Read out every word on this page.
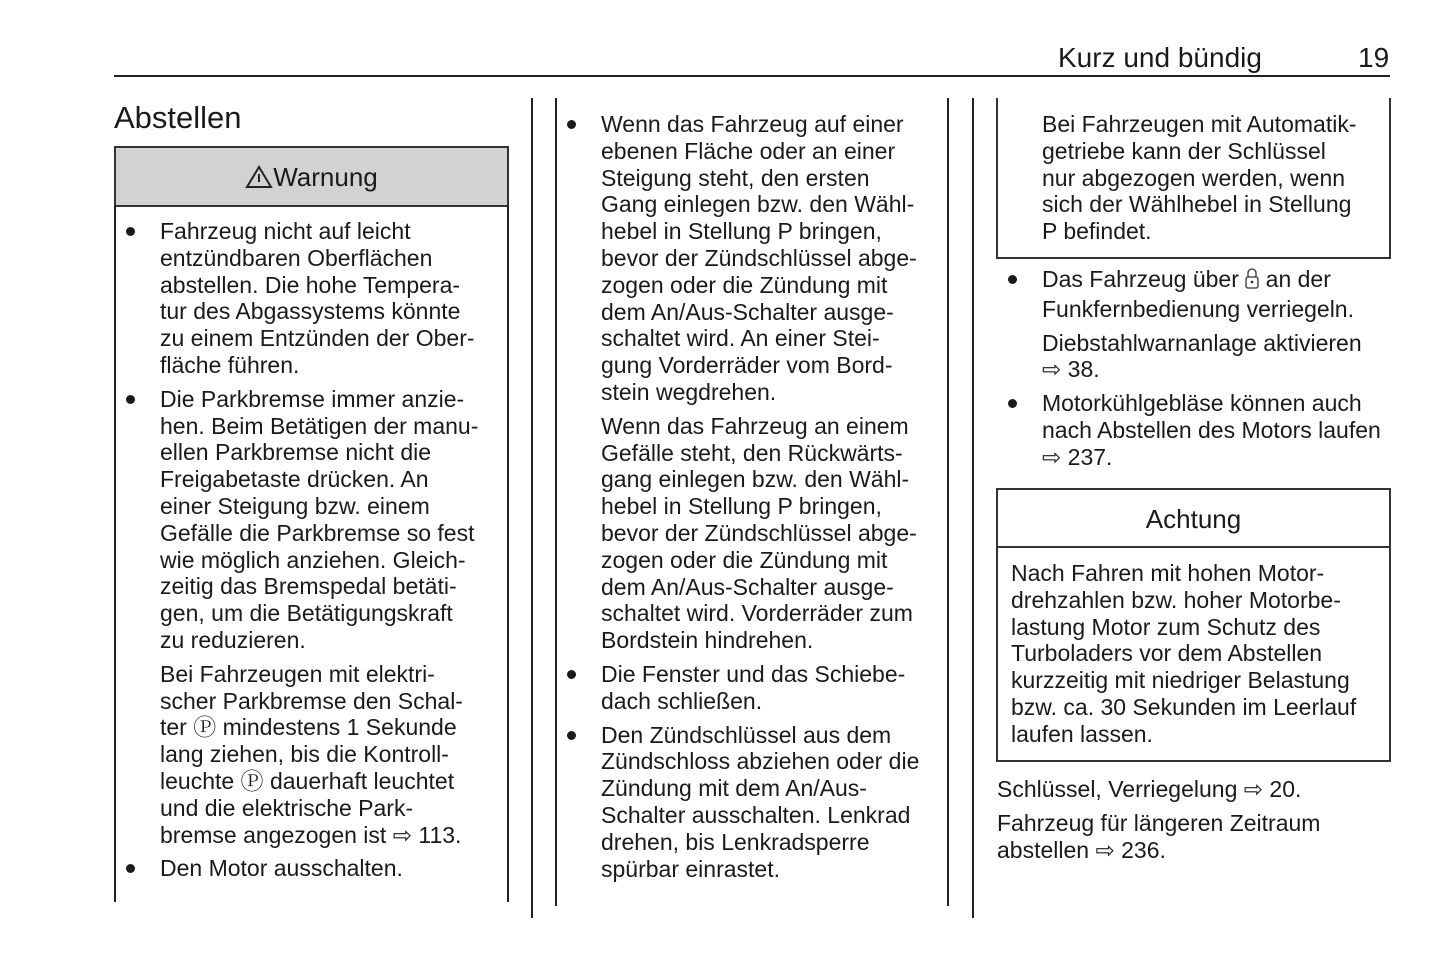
Kurz und bündig	19
Abstellen
Warnung

Fahrzeug nicht auf leicht
entzündbaren Oberflächen
abstellen. Die hohe Tempera-
tur des Abgassystems könnte
zu einem Entzünden der Ober-
fläche führen.

Die Parkbremse immer anzie-
hen. Beim Betätigen der manu-
ellen Parkbremse nicht die
Freigabetaste drücken. An
einer Steigung bzw. einem
Gefälle die Parkbremse so fest
wie möglich anziehen. Gleich-
zeitig das Bremspedal betäti-
gen, um die Betätigungskraft
zu reduzieren.

Bei Fahrzeugen mit elektri-
scher Parkbremse den Schal-
ter Ⓟ mindestens 1 Sekunde
lang ziehen, bis die Kontroll-
leuchte Ⓟ dauerhaft leuchtet
und die elektrische Park-
bremse angezogen ist ⇨ 113.

Den Motor ausschalten.

Wenn das Fahrzeug auf einer
ebenen Fläche oder an einer
Steigung steht, den ersten
Gang einlegen bzw. den Wähl-
hebel in Stellung P bringen,
bevor der Zündschlüssel abge-
zogen oder die Zündung mit
dem An/Aus-Schalter ausge-
schaltet wird. An einer Stei-
gung Vorderräder vom Bord-
stein wegdrehen.

Wenn das Fahrzeug an einem
Gefälle steht, den Rückwärts-
gang einlegen bzw. den Wähl-
hebel in Stellung P bringen,
bevor der Zündschlüssel abge-
zogen oder die Zündung mit
dem An/Aus-Schalter ausge-
schaltet wird. Vorderräder zum
Bordstein hindrehen.

Die Fenster und das Schiebe-
dach schließen.

Den Zündschlüssel aus dem
Zündschloss abziehen oder die
Zündung mit dem An/Aus-
Schalter ausschalten. Lenkrad
drehen, bis Lenkradsperre
spürbar einrastet.

Bei Fahrzeugen mit Automatik-
getriebe kann der Schlüssel
nur abgezogen werden, wenn
sich der Wählhebel in Stellung
P befindet.

Das Fahrzeug über an der
Funkfernbedienung verriegeln.

Diebstahlwarnanlage aktivieren
⇨ 38.

Motorkühlgebläse können auch
nach Abstellen des Motors laufen
⇨ 237.

Achtung
Nach Fahren mit hohen Motor-
drehzahlen bzw. hoher Motorbe-
lastung Motor zum Schutz des
Turboladers vor dem Abstellen
kurzzeitig mit niedriger Belastung
bzw. ca. 30 Sekunden im Leerlauf
laufen lassen.

Schlüssel, Verriegelung ⇨ 20.

Fahrzeug für längeren Zeitraum
abstellen ⇨ 236.
